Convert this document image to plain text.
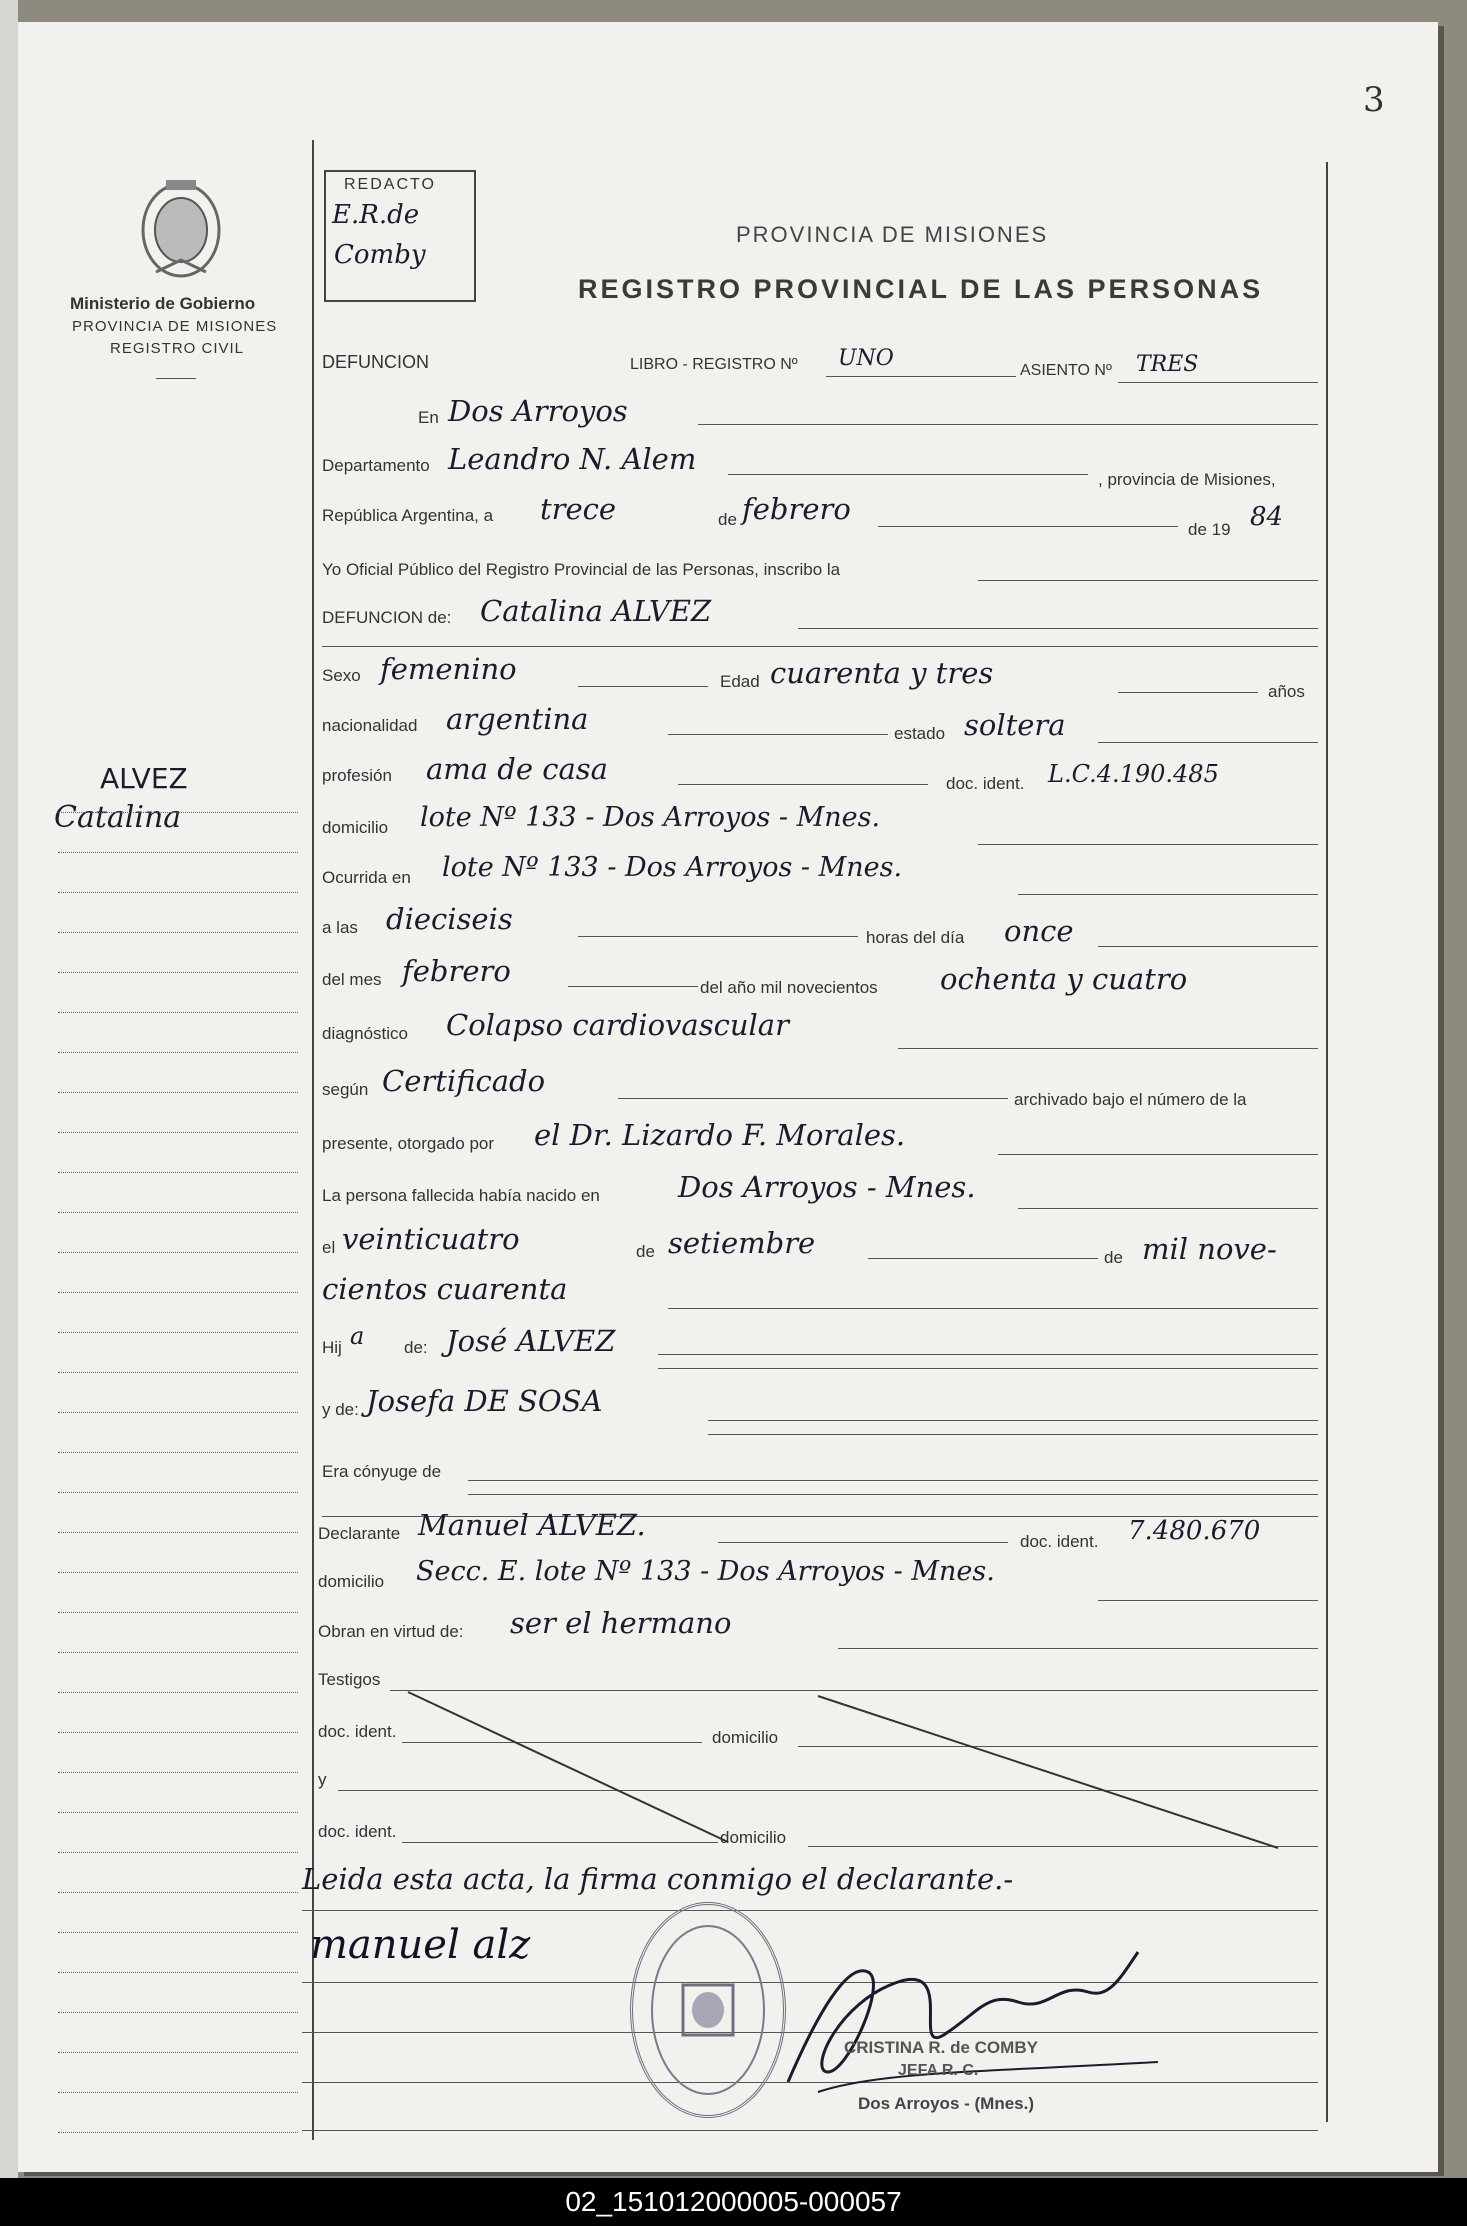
3
Ministerio de Gobierno
PROVINCIA DE MISIONES
REGISTRO CIVIL
REDACTO
E.R.de
Comby
PROVINCIA DE MISIONES
REGISTRO PROVINCIAL DE LAS PERSONAS
DEFUNCION	LIBRO - REGISTRO Nº UNO	ASIENTO Nº TRES
ALVEZ
Catalina
En Dos Arroyos
Departamento Leandro N. Alem
, provincia de Misiones,
República Argentina, a trece	de febrero
de 19 84
Yo Oficial Público del Registro Provincial de las Personas, inscribo la
DEFUNCION de: Catalina ALVEZ
Sexo femenino	Edad cuarenta y tres
años
nacionalidad argentina	estado soltera
profesión ama de casa	doc. ident. L.C.4.190.485
domicilio lote Nº 133 - Dos Arroyos - Mnes.
Ocurrida en lote Nº 133 - Dos Arroyos - Mnes.
a las dieciseis
horas del día once
del mes febrero	del año mil novecientos ochenta y cuatro
diagnóstico Colapso cardiovascular
según Certificado
archivado bajo el número de la
presente, otorgado por el Dr. Lizardo F. Morales.
La persona fallecida había nacido en	Dos Arroyos - Mnes.
el veinticuatro	de setiembre	de mil nove-
cientos cuarenta
Hij a de: José ALVEZ
y de: Josefa DE SOSA
Era cónyuge de
Declarante Manuel ALVEZ.	doc. ident. 7.480.670
domicilio Secc. E. lote Nº 133 - Dos Arroyos - Mnes.
Obran en virtud de: ser el hermano
Testigos
doc. ident.	domicilio
y
doc. ident.	domicilio
Leida esta acta, la firma conmigo el declarante.-
manuel alz
CRISTINA R. de COMBY
JEFA R. C.
Dos Arroyos - (Mnes.)
02_151012000005-000057
